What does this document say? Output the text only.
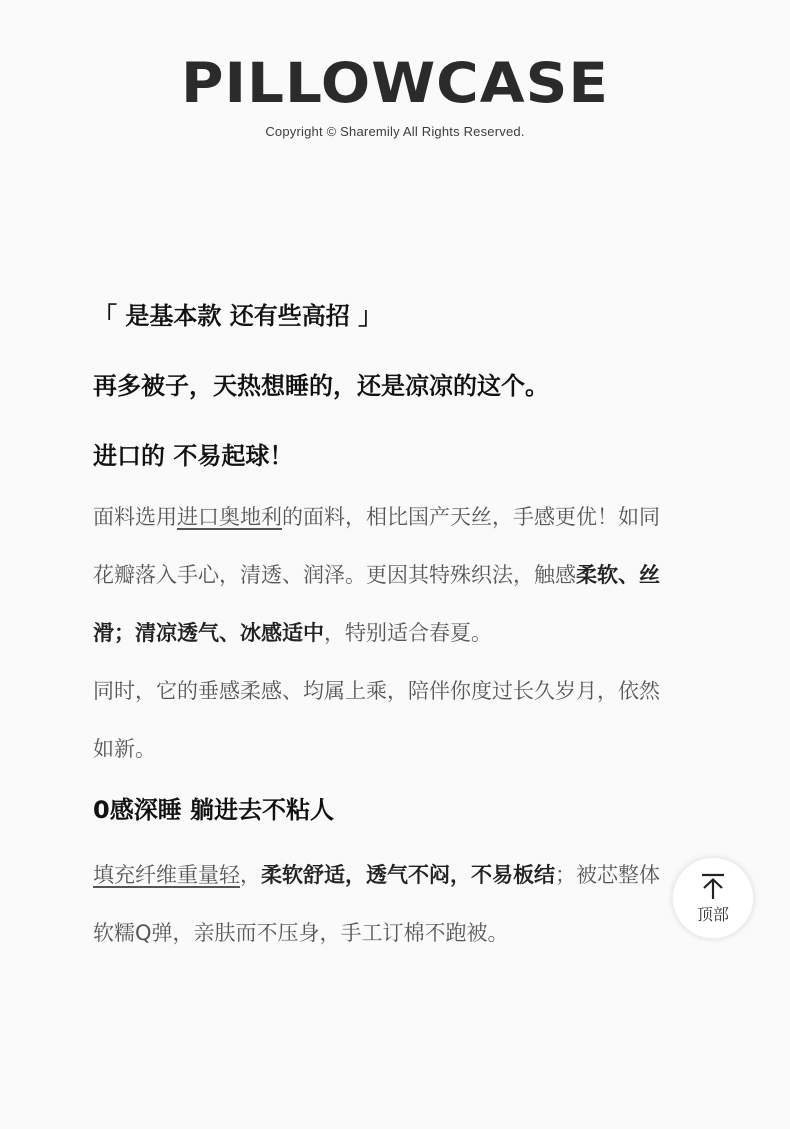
PILLOWCASE
Copyright © Sharemily All Rights Reserved.

「 是基本款 还有些高招 」

再多被子，天热想睡的，还是凉凉的这个。

进口的 不易起球！

面料选用进口奥地利的面料，相比国产天丝，手感更优！如同花瓣落入手心，清透、润泽。更因其特殊织法，触感柔软、丝滑；清凉透气、冰感适中，特别适合春夏。

同时，它的垂感柔感、均属上乘，陪伴你度过长久岁月，依然如新。

0感深睡 躺进去不粘人

填充纤维重量轻，柔软舒适，透气不闷，不易板结；被芯整体软糯Q弹，亲肤而不压身，手工订棉不跑被。

顶部
